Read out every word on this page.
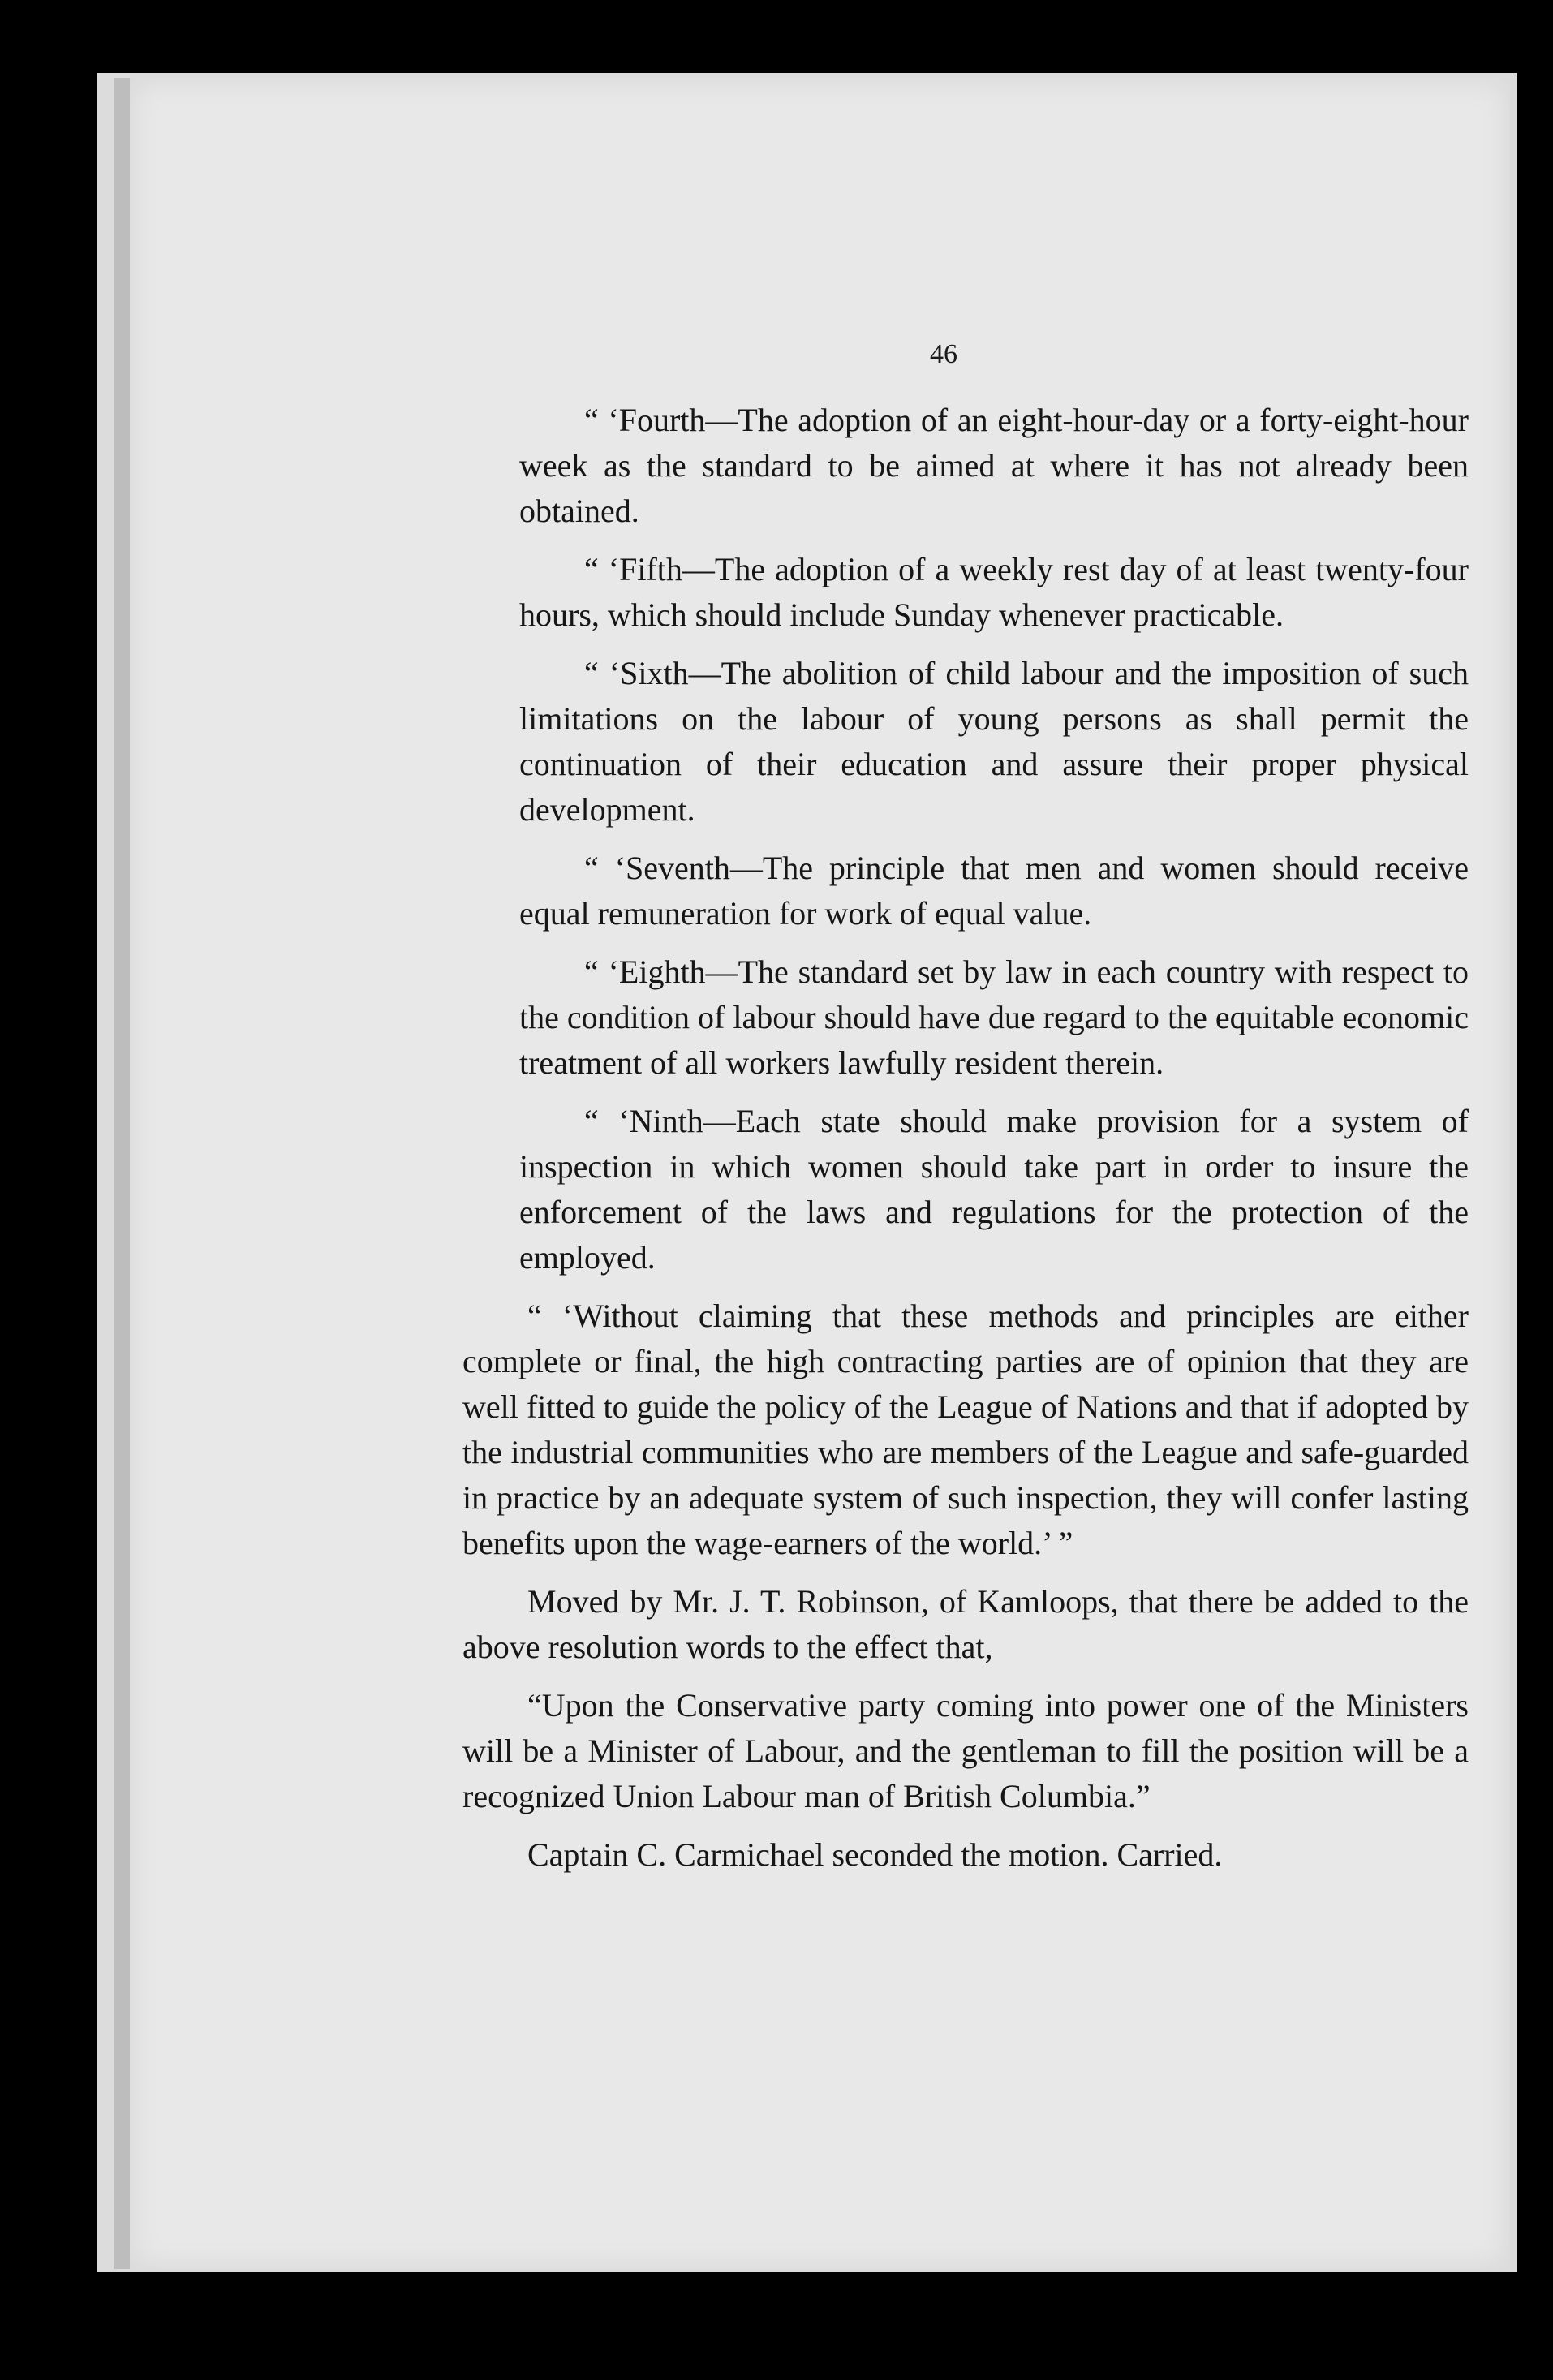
46

“ ‘Fourth—The adoption of an eight-hour-day or a forty-eight-hour week as the standard to be aimed at where it has not already been obtained.

“ ‘Fifth—The adoption of a weekly rest day of at least twenty-four hours, which should include Sunday whenever practicable.

“ ‘Sixth—The abolition of child labour and the imposition of such limitations on the labour of young persons as shall permit the continuation of their education and assure their proper physical development.

“ ‘Seventh—The principle that men and women should receive equal remuneration for work of equal value.

“ ‘Eighth—The standard set by law in each country with respect to the condition of labour should have due regard to the equitable economic treatment of all workers lawfully resident therein.

“ ‘Ninth—Each state should make provision for a system of inspection in which women should take part in order to insure the enforcement of the laws and regulations for the protection of the employed.

“ ‘Without claiming that these methods and principles are either complete or final, the high contracting parties are of opinion that they are well fitted to guide the policy of the League of Nations and that if adopted by the industrial communities who are members of the League and safe-guarded in practice by an adequate system of such inspection, they will confer lasting benefits upon the wage-earners of the world.’ ”

Moved by Mr. J. T. Robinson, of Kamloops, that there be added to the above resolution words to the effect that,

“Upon the Conservative party coming into power one of the Ministers will be a Minister of Labour, and the gentleman to fill the position will be a recognized Union Labour man of British Columbia.”

Captain C. Carmichael seconded the motion. Carried.
